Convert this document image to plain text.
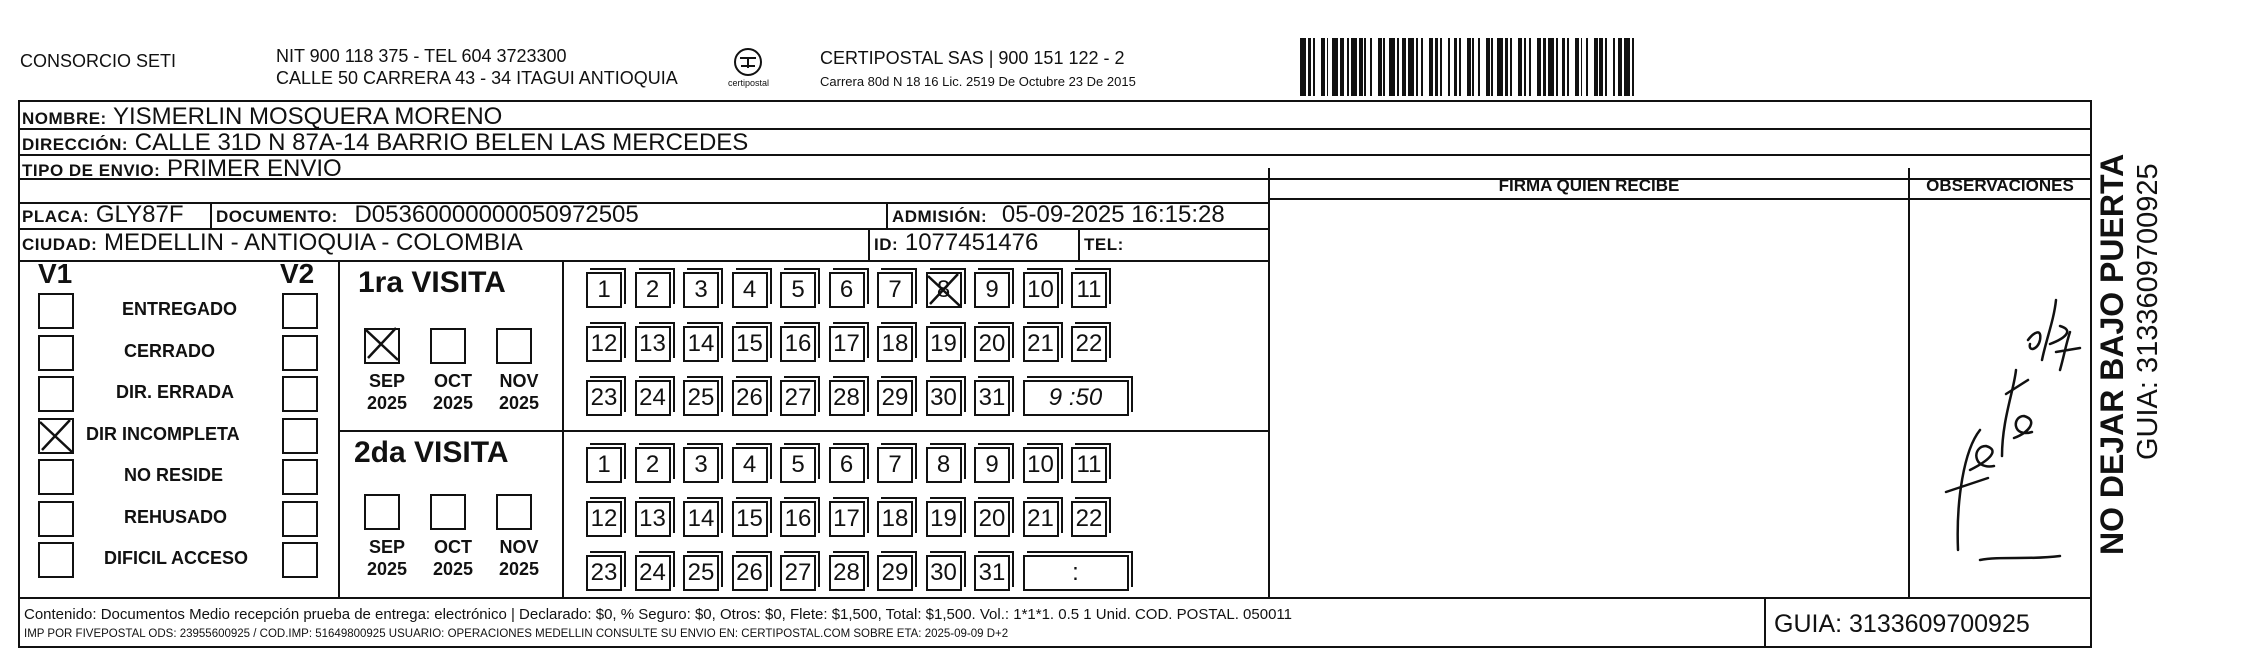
CONSORCIO SETI	NIT 900 118 375 - TEL 604 3723300
CALLE 50 CARRERA 43 - 34 ITAGUI ANTIOQUIA	certipostal
CERTIPOSTAL SAS | 900 151 122 - 2
Carrera 80d N 18 16 Lic. 2519 De Octubre 23 De 2015
NOMBRE: YISMERLIN MOSQUERA MORENO
DIRECCIÓN: CALLE 31D N 87A-14 BARRIO BELEN LAS MERCEDES
TIPO DE ENVIO: PRIMER ENVIO
FIRMA QUIEN RECIBE	OBSERVACIONES
PLACA: GLY87F DOCUMENTO: D05360000000050972505	ADMISIÓN: 05-09-2025 16:15:28
CIUDAD: MEDELLIN - ANTIOQUIA - COLOMBIA	ID: 1077451476	TEL:
V1	V2
ENTREGADO
CERRADO
DIR. ERRADA
DIR INCOMPLETA
NO RESIDE
REHUSADO
DIFICIL ACCESO
1ra VISITA
SEP
2025
OCT
2025
NOV
2025
1	2	3	4	5	6	7	8	9	10 11
12 13 14 15 16 17 18 19 20 21 22
23 24 25 26 27 28 29 30 31	9 :50
2da VISITA
SEP
2025
OCT
2025
NOV
2025
1	2	3	4	5	6	7	8	9	10 11
12 13 14 15 16 17 18 19 20 21 22
23 24 25 26 27 28 29 30 31	:
Contenido: Documentos Medio recepción prueba de entrega: electrónico | Declarado: $0, % Seguro: $0, Otros: $0, Flete: $1,500, Total: $1,500. Vol.: 1*1*1. 0.5 1 Unid. COD. POSTAL. 050011
IMP POR FIVEPOSTAL ODS: 23955600925 / COD.IMP: 51649800925 USUARIO: OPERACIONES MEDELLIN CONSULTE SU ENVIO EN: CERTIPOSTAL.COM SOBRE ETA: 2025-09-09 D+2	GUIA: 3133609700925
NO DEJAR BAJO PUERTA GUIA: 3133609700925
